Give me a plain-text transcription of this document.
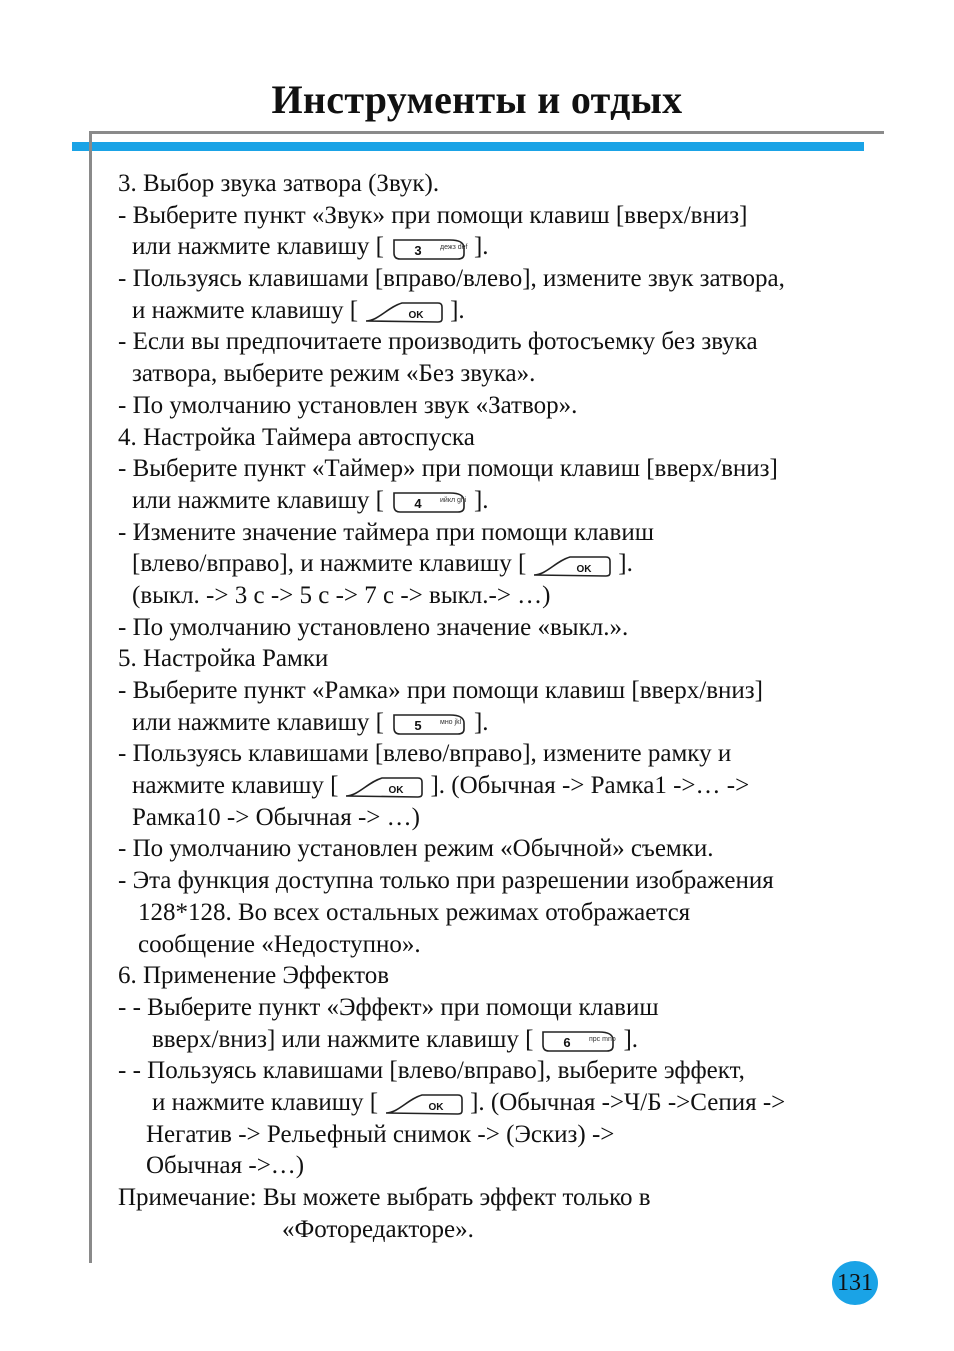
Инструменты и отдых
3. Выбор звука затвора (Звук).
- Выберите пункт «Звук» при помощи клавиш [вверх/вниз]
или нажмите клавишу [ 3	дежз def ].
- Пользуясь клавишами [вправо/влево], измените звук затвора,
и нажмите клавишу [	OK ].
- Если вы предпочитаете производить фотосъемку без звука
затвора, выберите режим «Без звука».
- По умолчанию установлен звук «Затвор».
4. Настройка Таймера автоспуска
- Выберите пункт «Таймер» при помощи клавиш [вверх/вниз]
или нажмите клавишу [ 4	ийкл ghi ].
- Измените значение таймера при помощи клавиш
[влево/вправо], и нажмите клавишу [	OK ].
(выкл. -> 3 с -> 5 с -> 7 с -> выкл.-> …)
- По умолчанию установлено значение «выкл.».
5. Настройка Рамки
- Выберите пункт «Рамка» при помощи клавиш [вверх/вниз]
или нажмите клавишу [ 5	мно jkl ].
- Пользуясь клавишами [влево/вправо], измените рамку и
нажмите клавишу [	OK ]. (Обычная -> Рамка1 ->… ->
Рамка10 -> Обычная -> …)
- По умолчанию установлен режим «Обычной» съемки.
- Эта функция доступна только при разрешении изображения
128*128. Во всех остальных режимах отображается
сообщение «Недоступно».
6. Применение Эффектов
- - Выберите пункт «Эффект» при помощи клавиш
вверх/вниз] или нажмите клавишу [ 6	прс mno ].
- - Пользуясь клавишами [влево/вправо], выберите эффект,
и нажмите клавишу [	OK ]. (Обычная ->Ч/Б ->Сепия ->
Негатив -> Рельефный снимок -> (Эскиз) ->
Обычная ->…)
Примечание: Вы можете выбрать эффект только в
«Фоторедакторе».
131
